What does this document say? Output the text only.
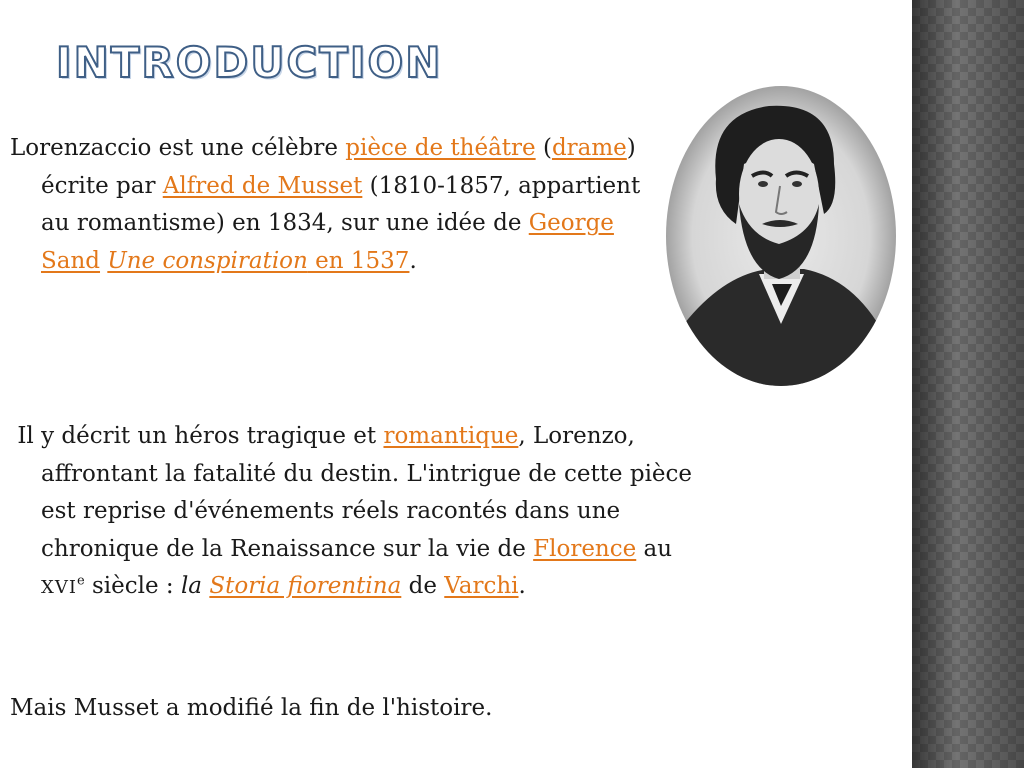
INTRODUCTION

Lorenzaccio est une célèbre pièce de théâtre (drame) écrite par Alfred de Musset (1810-1857, appartient au romantisme) en 1834, sur une idée de George Sand Une conspiration en 1537.

Il y décrit un héros tragique et romantique, Lorenzo, affrontant la fatalité du destin. L'intrigue de cette pièce est reprise d'événements réels racontés dans une chronique de la Renaissance sur la vie de Florence au XVIe siècle : la Storia fiorentina de Varchi.

Mais Musset a modifié la fin de l'histoire.
